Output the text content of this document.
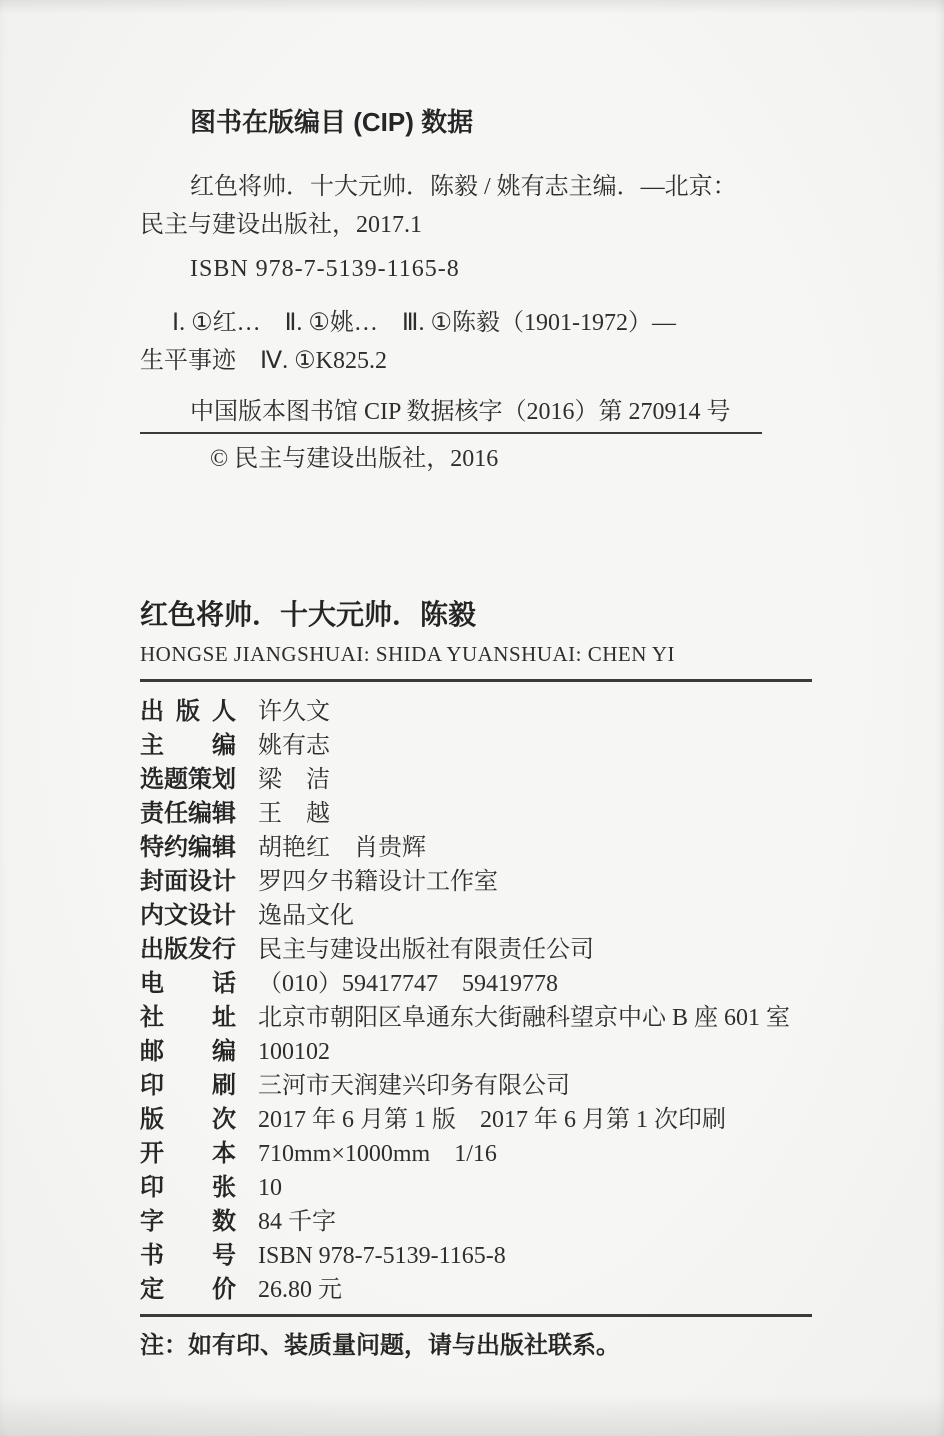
图书在版编目 (CIP) 数据

红色将帅．十大元帅．陈毅 / 姚有志主编．—北京：

民主与建设出版社，2017.1

ISBN 978-7-5139-1165-8

Ⅰ. ①红…　Ⅱ. ①姚…　Ⅲ. ①陈毅（1901-1972）—

生平事迹　Ⅳ. ①K825.2

中国版本图书馆 CIP 数据核字（2016）第 270914 号

© 民主与建设出版社，2016

红色将帅．十大元帅．陈毅
HONGSE JIANGSHUAI: SHIDA YUANSHUAI: CHEN YI
出版人 许久文
主编 姚有志
选题策划 梁　洁
责任编辑 王　越
特约编辑 胡艳红　肖贵辉
封面设计 罗四夕书籍设计工作室
内文设计 逸品文化
出版发行 民主与建设出版社有限责任公司
电话 （010）59417747　59419778
社址 北京市朝阳区阜通东大街融科望京中心 B 座 601 室
邮编 100102
印刷 三河市天润建兴印务有限公司
版次 2017 年 6 月第 1 版　2017 年 6 月第 1 次印刷
开本 710mm×1000mm　1/16
印张 10
字数 84 千字
书号 ISBN 978-7-5139-1165-8
定价 26.80 元

注：如有印、装质量问题，请与出版社联系。
